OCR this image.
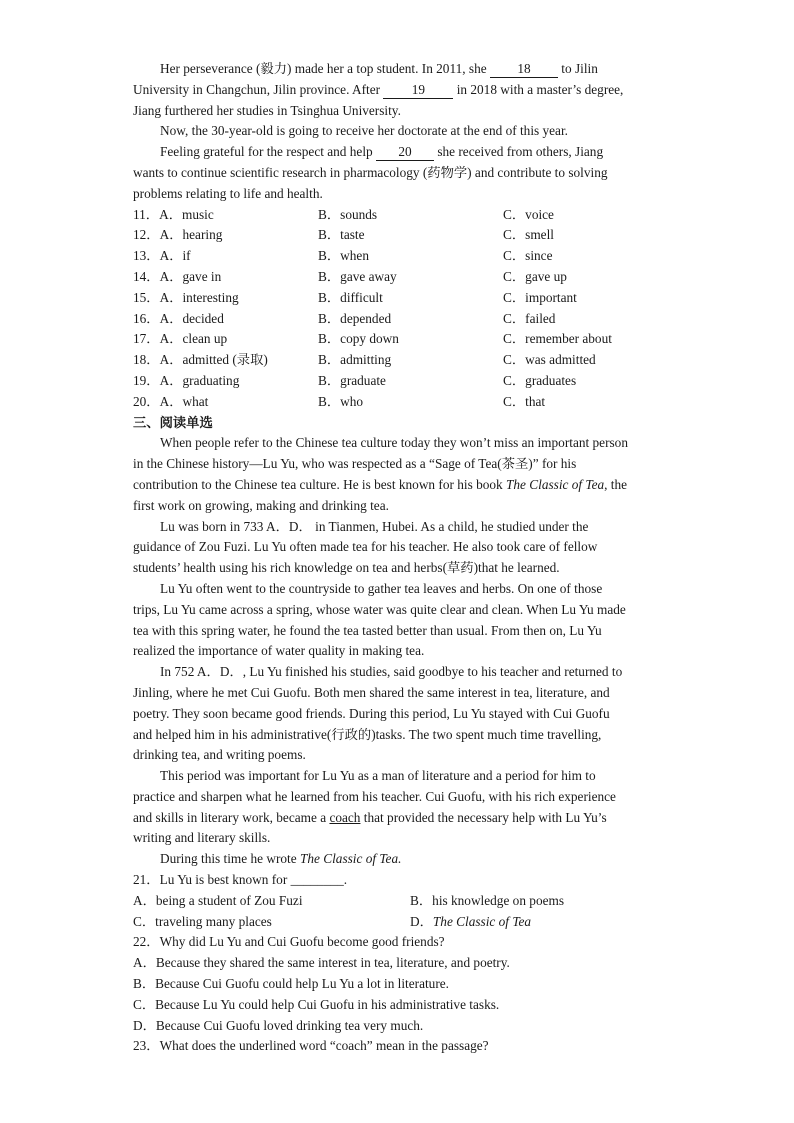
Her perseverance (毅力) made her a top student. In 2011, she 18 to Jilin
University in Changchun, Jilin province. After 19 in 2018 with a master’s degree,
Jiang furthered her studies in Tsinghua University.
Now, the 30-year-old is going to receive her doctorate at the end of this year.
Feeling grateful for the respect and help 20 she received from others, Jiang
wants to continue scientific research in pharmacology (药物学) and contribute to solving
problems relating to life and health.
11．A．music	B．sounds	C．voice
12．A．hearing	B．taste	C．smell
13．A．if	B．when	C．since
14．A．gave in	B．gave away	C．gave up
15．A．interesting	B．difficult	C．important
16．A．decided	B．depended	C．failed
17．A．clean up	B．copy down	C．remember about
18．A．admitted (录取)	B．admitting	C．was admitted
19．A．graduating	B．graduate	C．graduates
20．A．what	B．who	C．that
三、阅读单选
When people refer to the Chinese tea culture today they won’t miss an important person
in the Chinese history—Lu Yu, who was respected as a “Sage of Tea(茶圣)” for his
contribution to the Chinese tea culture. He is best known for his book The Classic of Tea, the
first work on growing, making and drinking tea.
Lu was born in 733 A．D． in Tianmen, Hubei. As a child, he studied under the
guidance of Zou Fuzi. Lu Yu often made tea for his teacher. He also took care of fellow
students’ health using his rich knowledge on tea and herbs(草药)that he learned.
Lu Yu often went to the countryside to gather tea leaves and herbs. On one of those
trips, Lu Yu came across a spring, whose water was quite clear and clean. When Lu Yu made
tea with this spring water, he found the tea tasted better than usual. From then on, Lu Yu
realized the importance of water quality in making tea.
In 752 A．D．, Lu Yu finished his studies, said goodbye to his teacher and returned to
Jinling, where he met Cui Guofu. Both men shared the same interest in tea, literature, and
poetry. They soon became good friends. During this period, Lu Yu stayed with Cui Guofu
and helped him in his administrative(行政的)tasks. The two spent much time travelling,
drinking tea, and writing poems.
This period was important for Lu Yu as a man of literature and a period for him to
practice and sharpen what he learned from his teacher. Cui Guofu, with his rich experience
and skills in literary work, became a coach that provided the necessary help with Lu Yu’s
writing and literary skills.
During this time he wrote The Classic of Tea.
21．Lu Yu is best known for ________.
A．being a student of Zou Fuzi	B．his knowledge on poems
C．traveling many places	D．The Classic of Tea
22．Why did Lu Yu and Cui Guofu become good friends?
A．Because they shared the same interest in tea, literature, and poetry.
B．Because Cui Guofu could help Lu Yu a lot in literature.
C．Because Lu Yu could help Cui Guofu in his administrative tasks.
D．Because Cui Guofu loved drinking tea very much.
23．What does the underlined word “coach” mean in the passage?
